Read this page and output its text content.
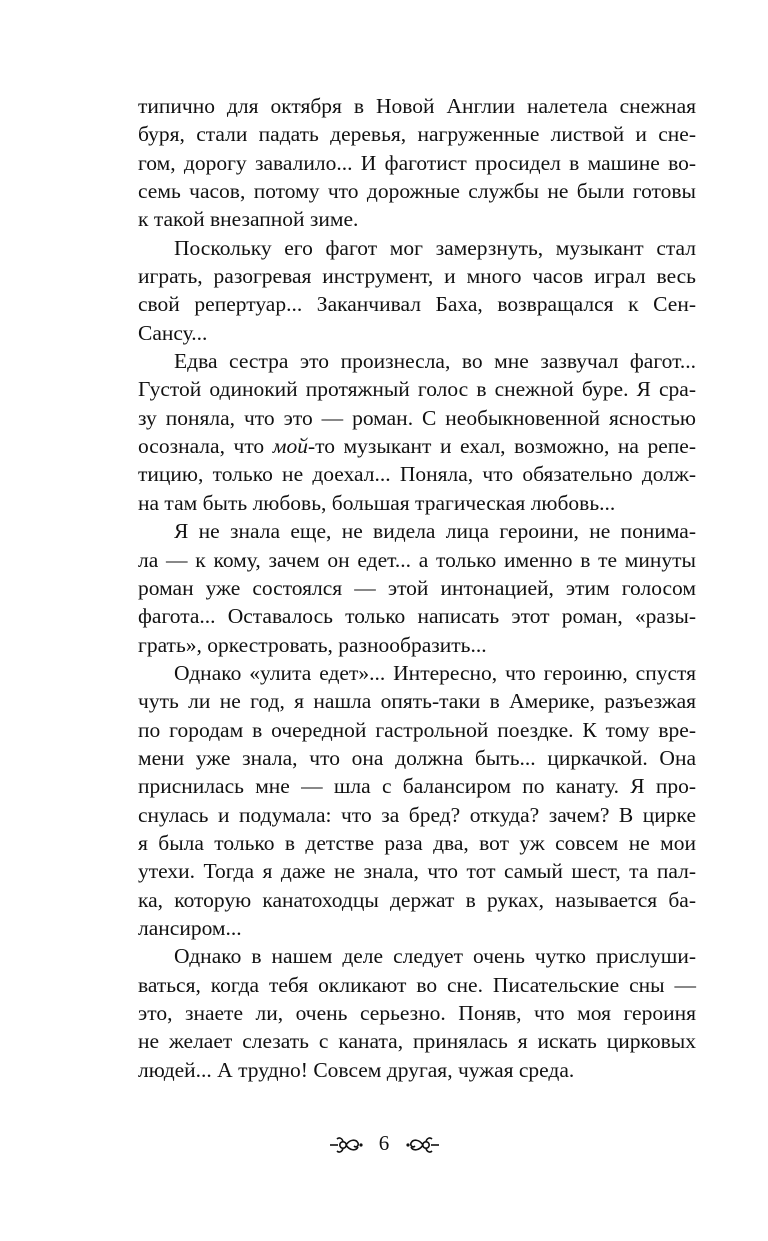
типично для октября в Новой Англии налетела снежная
буря, стали падать деревья, нагруженные листвой и сне-
гом, дорогу завалило... И фаготист просидел в машине во-
семь часов, потому что дорожные службы не были готовы
к такой внезапной зиме.
Поскольку его фагот мог замерзнуть, музыкант стал
играть, разогревая инструмент, и много часов играл весь
свой репертуар... Заканчивал Баха, возвращался к Сен-
Сансу...
Едва сестра это произнесла, во мне зазвучал фагот...
Густой одинокий протяжный голос в снежной буре. Я сра-
зу поняла, что это — роман. С необыкновенной ясностью
осознала, что мой-то музыкант и ехал, возможно, на репе-
тицию, только не доехал... Поняла, что обязательно долж-
на там быть любовь, большая трагическая любовь...
Я не знала еще, не видела лица героини, не понима-
ла — к кому, зачем он едет... а только именно в те минуты
роман уже состоялся — этой интонацией, этим голосом
фагота... Оставалось только написать этот роман, «разы-
грать», оркестровать, разнообразить...
Однако «улита едет»... Интересно, что героиню, спустя
чуть ли не год, я нашла опять-таки в Америке, разъезжая
по городам в очередной гастрольной поездке. К тому вре-
мени уже знала, что она должна быть... циркачкой. Она
приснилась мне — шла с балансиром по канату. Я про-
снулась и подумала: что за бред? откуда? зачем? В цирке
я была только в детстве раза два, вот уж совсем не мои
утехи. Тогда я даже не знала, что тот самый шест, та пал-
ка, которую канатоходцы держат в руках, называется ба-
лансиром...
Однако в нашем деле следует очень чутко прислуши-
ваться, когда тебя окликают во сне. Писательские сны —
это, знаете ли, очень серьезно. Поняв, что моя героиня
не желает слезать с каната, принялась я искать цирковых
людей... А трудно! Совсем другая, чужая среда.
6
